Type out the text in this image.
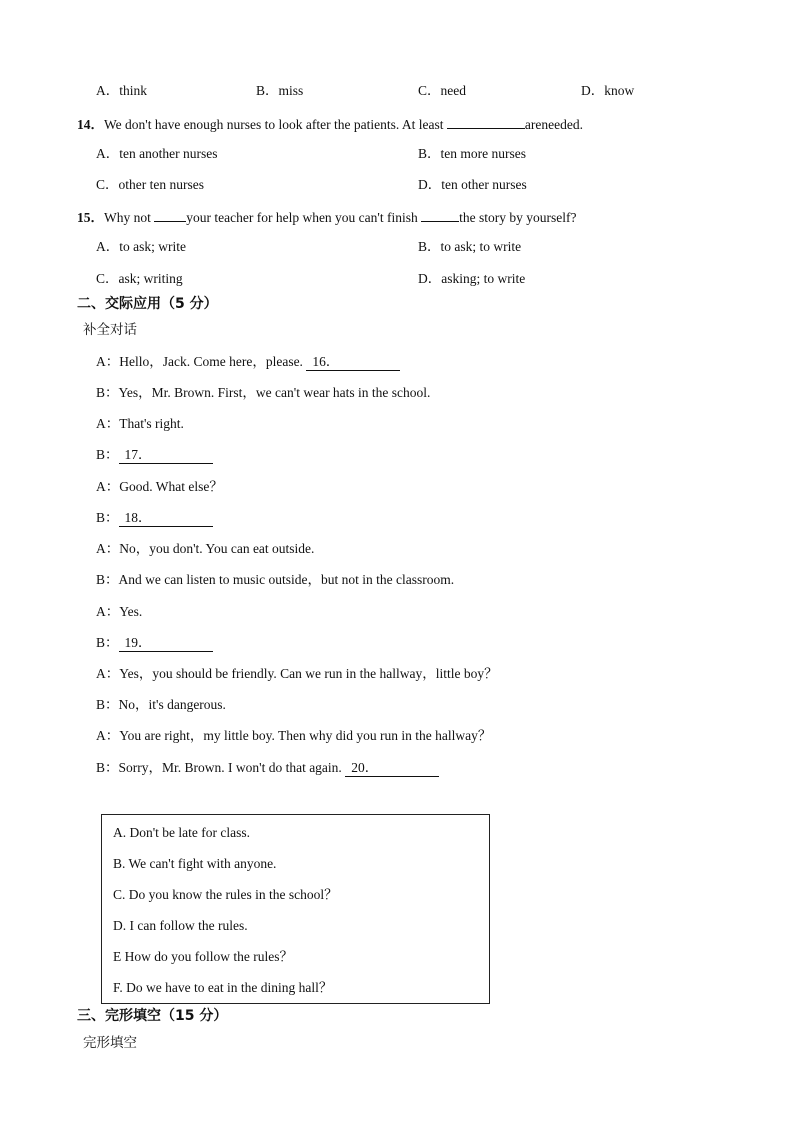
A．think	B．miss	C．need	D．know
14．We don't have enough nurses to look after the patients. At least	areneeded.
A．ten another nurses	B．ten more nurses
C．other ten nurses	D．ten other nurses
15．Why not your teacher for help when you can't finish	the story by yourself?
A．to ask; write	B．to ask; to write
C．ask; writing	D．asking; to write
二、交际应用（5 分）
补全对话
A：Hello，Jack. Come here，please. 16．
B：Yes，Mr. Brown. First，we can't wear hats in the school.
A：That's right.
B： 17．
A：Good. What else？
B： 18．
A：No，you don't. You can eat outside.
B：And we can listen to music outside，but not in the classroom.
A：Yes.
B： 19．
A：Yes，you should be friendly. Can we run in the hallway，little boy？
B：No，it's dangerous.
A：You are right，my little boy. Then why did you run in the hallway？
B：Sorry，Mr. Brown. I won't do that again. 20．
A. Don't be late for class.
B. We can't fight with anyone.
C. Do you know the rules in the school？
D. I can follow the rules.
E How do you follow the rules？
F. Do we have to eat in the dining hall？
三、完形填空（15 分）
完形填空
